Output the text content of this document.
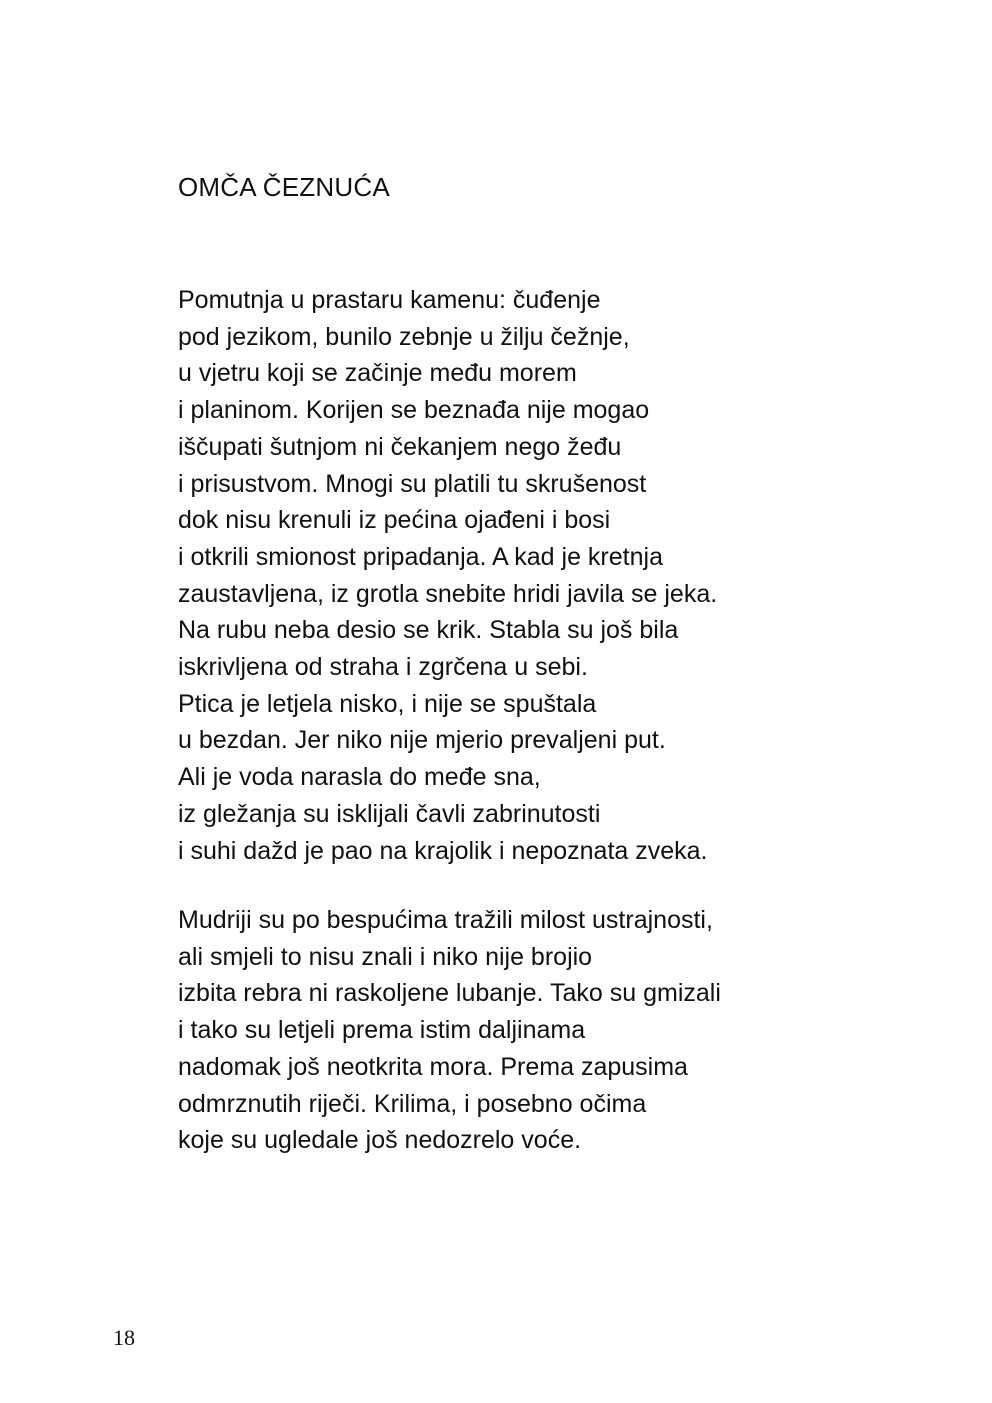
OMČA ČEZNUĆA
Pomutnja u prastaru kamenu: čuđenje
pod jezikom, bunilo zebnje u žilju čežnje,
u vjetru koji se začinje među morem
i planinom. Korijen se beznađa nije mogao
iščupati šutnjom ni čekanjem nego žeđu
i prisustvom. Mnogi su platili tu skrušenost
dok nisu krenuli iz pećina ojađeni i bosi
i otkrili smionost pripadanja. A kad je kretnja
zaustavljena, iz grotla snebite hridi javila se jeka.
Na rubu neba desio se krik. Stabla su još bila
iskrivljena od straha i zgrčena u sebi.
Ptica je letjela nisko, i nije se spuštala
u bezdan. Jer niko nije mjerio prevaljeni put.
Ali je voda narasla do međe sna,
iz gležanja su isklijali čavli zabrinutosti
i suhi dažd je pao na krajolik i nepoznata zveka.
Mudriji su po bespućima tražili milost ustrajnosti,
ali smjeli to nisu znali i niko nije brojio
izbita rebra ni raskoljene lubanje. Tako su gmizali
i tako su letjeli prema istim daljinama
nadomak još neotkrita mora. Prema zapusima
odmrznutih riječi. Krilima, i posebno očima
koje su ugledale još nedozrelo voće.

18
